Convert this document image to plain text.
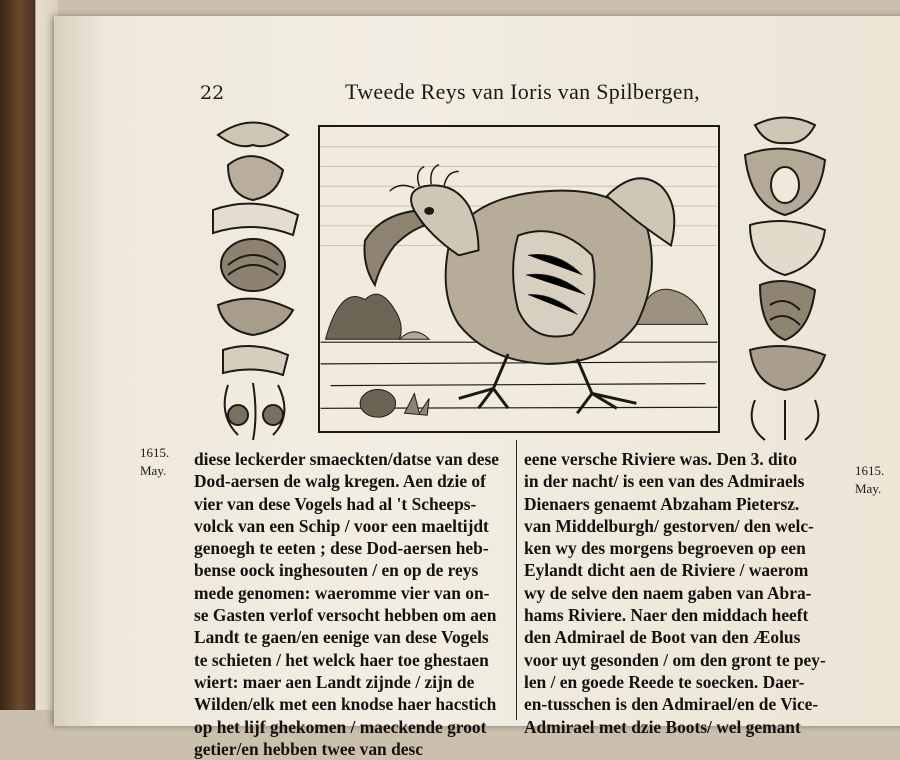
22	Tweede Reys van Ioris van Spilbergen,
1615.
May.	1615.
May.
diese leckerder smaeckten/datse van dese
Dod-aersen de walg kregen. Aen dzie of
vier van dese Vogels had al 't Scheeps-
volck van een Schip / voor een maeltijdt
genoegh te eeten ; dese Dod-aersen heb-
bense oock inghesouten / en op de reys
mede genomen: waeromme vier van on-
se Gasten verlof versocht hebben om aen
Landt te gaen/en eenige van dese Vogels
te schieten / het welck haer toe ghestaen
wiert: maer aen Landt zijnde / zijn de
Wilden/elk met een knodse haer hacstich
op het lijf ghekomen / maeckende groot
getier/en hebben twee van desc
eene versche Riviere was. Den 3. dito
in der nacht/ is een van des Admiraels
Dienaers genaemt Abzaham Pietersz.
van Middelburgh/ gestorven/ den welc-
ken wy des morgens begroeven op een
Eylandt dicht aen de Riviere / waerom
wy de selve den naem gaben van Abra-
hams Riviere. Naer den middach heeft
den Admirael de Boot van den Æolus
voor uyt gesonden / om den gront te pey-
len / en goede Reede te soecken. Daer-
en-tusschen is den Admirael/en de Vice-
Admirael met dzie Boots/ wel gemant
